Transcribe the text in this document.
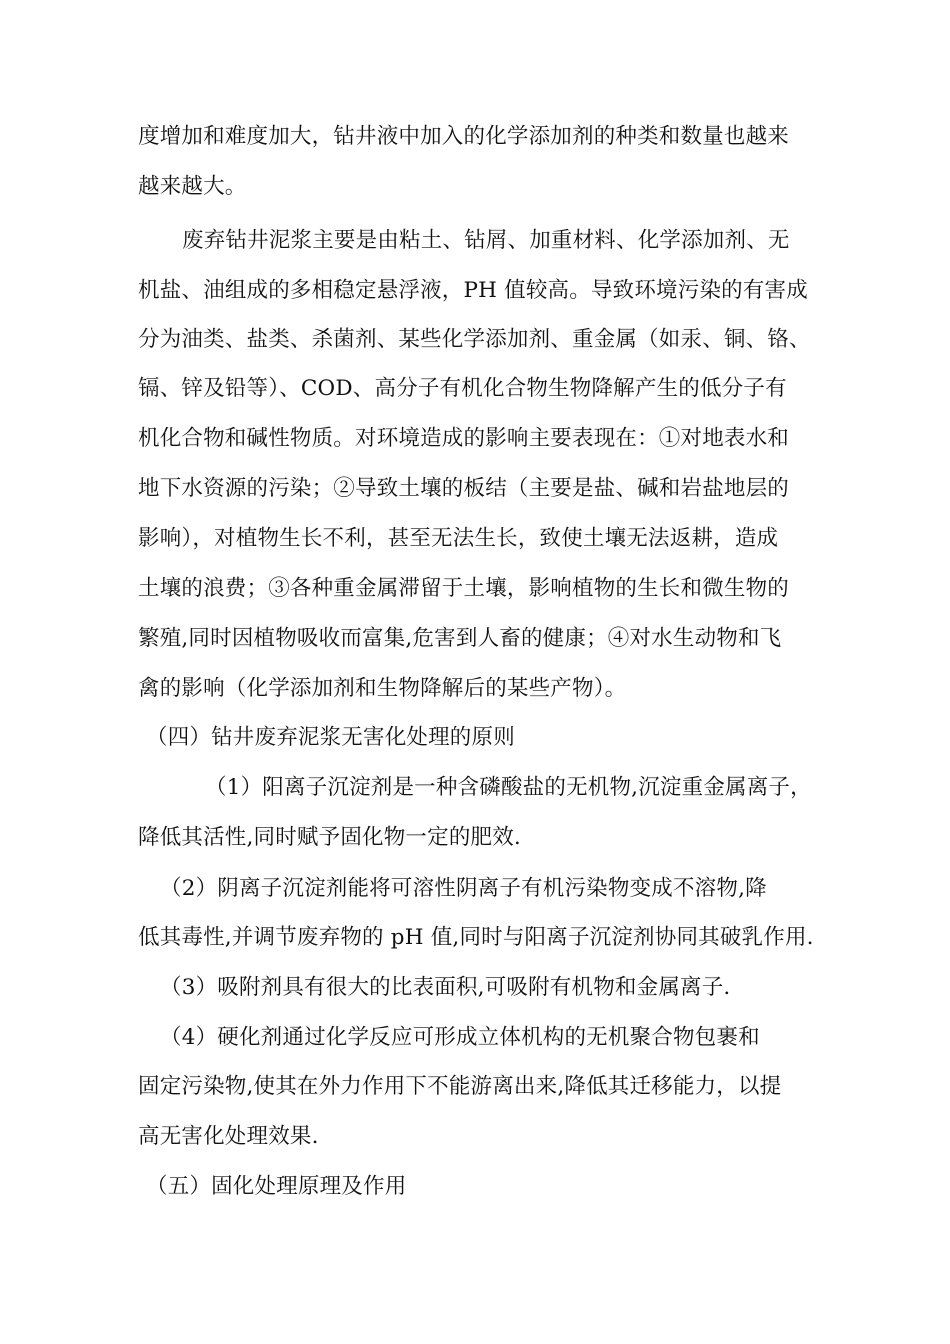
度增加和难度加大，钻井液中加入的化学添加剂的种类和数量也越来
越来越大。
废弃钻井泥浆主要是由粘土、钻屑、加重材料、化学添加剂、无
机盐、油组成的多相稳定悬浮液，PH 值较高。导致环境污染的有害成
分为油类、盐类、杀菌剂、某些化学添加剂、重金属（如汞、铜、铬、
镉、锌及铅等）、COD、高分子有机化合物生物降解产生的低分子有
机化合物和碱性物质。对环境造成的影响主要表现在：①对地表水和
地下水资源的污染；②导致土壤的板结（主要是盐、碱和岩盐地层的
影响），对植物生长不利，甚至无法生长，致使土壤无法返耕，造成
土壤的浪费；③各种重金属滞留于土壤，影响植物的生长和微生物的
繁殖,同时因植物吸收而富集,危害到人畜的健康；④对水生动物和飞
禽的影响（化学添加剂和生物降解后的某些产物）。
（四）钻井废弃泥浆无害化处理的原则
（1）阳离子沉淀剂是一种含磷酸盐的无机物,沉淀重金属离子，
降低其活性,同时赋予固化物一定的肥效.
（2）阴离子沉淀剂能将可溶性阴离子有机污染物变成不溶物,降
低其毒性,并调节废弃物的 pH 值,同时与阳离子沉淀剂协同其破乳作用.
（3）吸附剂具有很大的比表面积,可吸附有机物和金属离子.
（4）硬化剂通过化学反应可形成立体机构的无机聚合物包裹和
固定污染物,使其在外力作用下不能游离出来,降低其迁移能力，以提
高无害化处理效果.
（五）固化处理原理及作用
